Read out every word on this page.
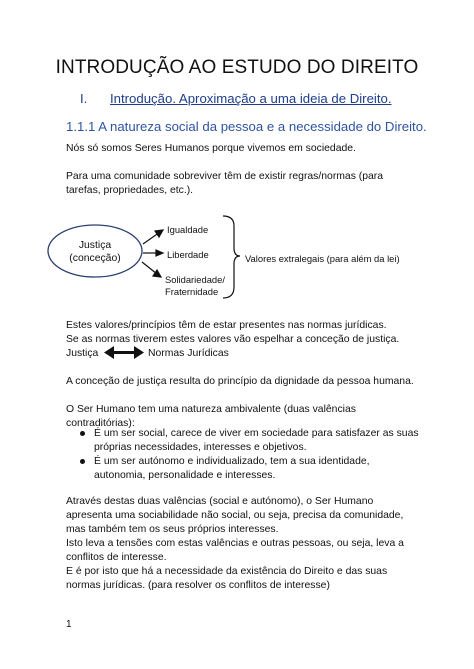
INTRODUÇÃO AO ESTUDO DO DIREITO
I. Introdução. Aproximação a uma ideia de Direito.
1.1.1 A natureza social da pessoa e a necessidade do Direito.
Nós só somos Seres Humanos porque vivemos em sociedade.
Para uma comunidade sobreviver têm de existir regras/normas (para
tarefas, propriedades, etc.).
Justiça
(conceção)
Igualdade
Liberdade
Solidariedade/
Fraternidade
Valores extralegais (para além da lei)
Estes valores/princípios têm de estar presentes nas normas jurídicas.
Se as normas tiverem estes valores vão espelhar a conceção de justiça.
Justiça	Normas Jurídicas
A conceção de justiça resulta do princípio da dignidade da pessoa humana.
O Ser Humano tem uma natureza ambivalente (duas valências
contraditórias):
É um ser social, carece de viver em sociedade para satisfazer as suas
próprias necessidades, interesses e objetivos.
É um ser autónomo e individualizado, tem a sua identidade,
autonomia, personalidade e interesses.
Através destas duas valências (social e autónomo), o Ser Humano
apresenta uma sociabilidade não social, ou seja, precisa da comunidade,
mas também tem os seus próprios interesses.
Isto leva a tensões com estas valências e outras pessoas, ou seja, leva a
conflitos de interesse.
E é por isto que há a necessidade da existência do Direito e das suas
normas jurídicas. (para resolver os conflitos de interesse)
1
